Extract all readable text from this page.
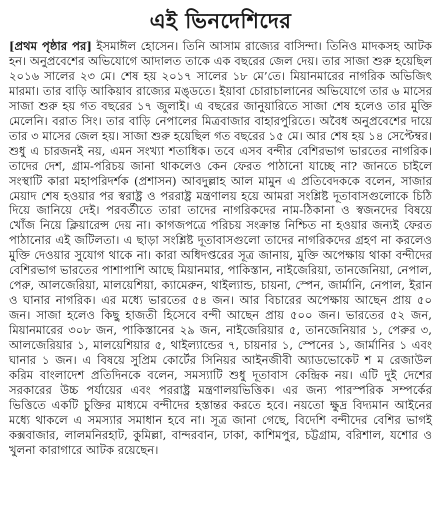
এই ভিনদেশিদের

[প্রথম পৃষ্ঠার পর] ইসমাঈল হোসেন। তিনি আসাম রাজ্যের বাসিন্দা। তিনিও মাদকসহ আটক হন। অনুপ্রবেশের অভিযোগে আদালত তাকে এক বছরের জেল দেয়। তার সাজা শুরু হয়েছিল ২০১৬ সালের ২৩ মে। শেষ হয় ২০১৭ সালের ১৮ মে’তে। মিয়ানমারের নাগরিক অভিজিৎ মারমা। তার বাড়ি আকিয়াব রাজ্যের মঙ্ডতে। ইয়াবা চোরাচালানের অভিযোগে তার ৬ মাসের সাজা শুরু হয় গত বছরের ১৭ জুলাই। এ বছরের জানুয়ারিতে সাজা শেষ হলেও তার মুক্তি মেলেনি। বরাত সিং। তার বাড়ি নেপালের মিত্রবাজার বাহারপুরিতে। অবৈধ অনুপ্রবেশের দায়ে তার ৩ মাসের জেল হয়। সাজা শুরু হয়েছিল গত বছরের ১৫ মে। আর শেষ হয় ১৪ সেপ্টেম্বর। শুধু এ চারজনই নয়, এমন সংখ্যা শতাধিক। তবে এসব বন্দীর বেশিরভাগ ভারতের নাগরিক। তাদের দেশ, গ্রাম-পরিচয় জানা থাকলেও কেন ফেরত পাঠানো যাচ্ছে না? জানতে চাইলে সংস্থাটি কারা মহাপরিদর্শক (প্রশাসন) আবদুল্লাহ আল মামুন এ প্রতিবেদককে বলেন, সাজার মেয়াদ শেষ হওয়ার পর স্বরাষ্ট্র ও পররাষ্ট্র মন্ত্রণালয় হয়ে আমরা সংশ্লিষ্ট দূতাবাসগুলোকে চিঠি দিয়ে জানিয়ে দেই। পরবর্তীতে তারা তাদের নাগরিকদের নাম-ঠিকানা ও স্বজনদের বিষয়ে খোঁজ নিয়ে ক্লিয়ারেন্স দেয় না। কাগজপত্রে পরিচয় সংক্রান্ত নিশ্চিত না হওয়ার জন্যই ফেরত পাঠানোর এই জটিলতা। এ ছাড়া সংশ্লিষ্ট দূতাবাসগুলো তাদের নাগরিকদের গ্রহণ না করলেও মুক্তি দেওয়ার সুযোগ থাকে না। কারা অধিদপ্তরের সূত্র জানায়, মুক্তি অপেক্ষায় থাকা বন্দীদের বেশিরভাগ ভারতের পাশাপাশি আছে মিয়ানমার, পাকিস্তান, নাইজেরিয়া, তানজেনিয়া, নেপাল, পেরু, আলজেরিয়া, মালয়েশিয়া, ক্যামেরুন, থাইল্যান্ড, চায়না, স্পেন, জার্মানি, নেপাল, ইরান ও ঘানার নাগরিক। এর মধ্যে ভারতের ৫৪ জন। আর বিচারের অপেক্ষায় আছেন প্রায় ৫০ জন। সাজা হলেও কিছু হাজতী হিসেবে বন্দী আছেন প্রায় ৫০০ জন। ভারতের ৫২ জন, মিয়ানমারের ৩০৮ জন, পাকিস্তানের ২৯ জন, নাইজেরিয়ার ৫, তানজেনিয়ার ১, পেরুর ৩, আলজেরিয়ার ১, মালয়েশিয়ার ৫, থাইল্যান্ডের ৭, চায়নার ১, স্পেনের ১, জার্মানির ১ এবং ঘানার ১ জন। এ বিষয়ে সুপ্রিম কোর্টের সিনিয়র আইনজীবী অ্যাডভোকেট শ ম রেজাউল করিম বাংলাদেশ প্রতিদিনকে বলেন, সমস্যাটি শুধু দূতাবাস কেন্দ্রিক নয়। এটি দুই দেশের সরকারের উচ্চ পর্যায়ের এবং পররাষ্ট্র মন্ত্রণালয়ভিত্তিক। এর জন্য পারস্পরিক সম্পর্কের ভিত্তিতে একটি চুক্তির মাধ্যমে বন্দীদের হস্তান্তর করতে হবে। নয়তো ক্ষুদ্র বিদ্যমান আইনের মধ্যে থাকলে এ সমস্যার সমাধান হবে না। সূত্র জানা গেছে, বিদেশি বন্দীদের বেশির ভাগই কক্সবাজার, লালমনিরহাট, কুমিল্লা, বান্দরবান, ঢাকা, কাশিমপুর, চট্টগ্রাম, বরিশাল, যশোর ও খুলনা কারাগারে আটক রয়েছেন।
